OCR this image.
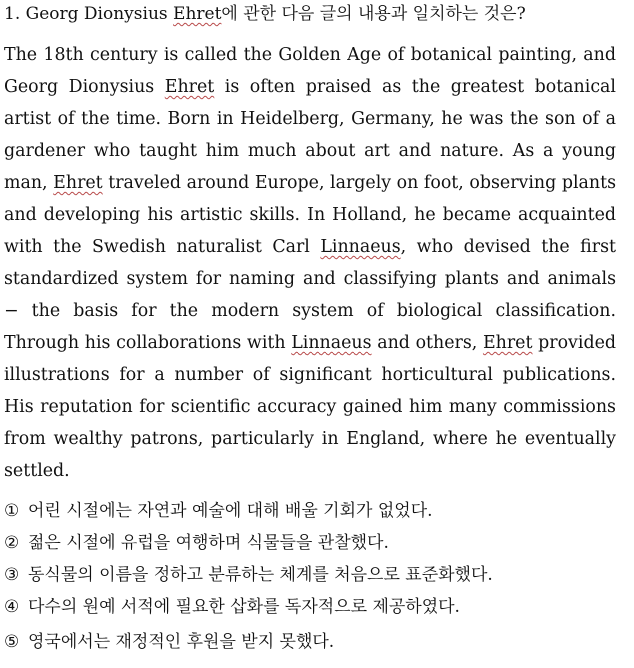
1. Georg Dionysius Ehret에 관한 다음 글의 내용과 일치하는 것은?
The 18th century is called the Golden Age of botanical painting, and Georg Dionysius Ehret is often praised as the greatest botanical artist of the time. Born in Heidelberg, Germany, he was the son of a gardener who taught him much about art and nature. As a young man, Ehret traveled around Europe, largely on foot, observing plants and developing his artistic skills. In Holland, he became acquainted with the Swedish naturalist Carl Linnaeus, who devised the first standardized system for naming and classifying plants and animals − the basis for the modern system of biological classification. Through his collaborations with Linnaeus and others, Ehret provided illustrations for a number of significant horticultural publications. His reputation for scientific accuracy gained him many commissions from wealthy patrons, particularly in England, where he eventually settled.
① 어린 시절에는 자연과 예술에 대해 배울 기회가 없었다.
② 젊은 시절에 유럽을 여행하며 식물들을 관찰했다.
③ 동식물의 이름을 정하고 분류하는 체계를 처음으로 표준화했다.
④ 다수의 원예 서적에 필요한 삽화를 독자적으로 제공하였다.
⑤ 영국에서는 재정적인 후원을 받지 못했다.
